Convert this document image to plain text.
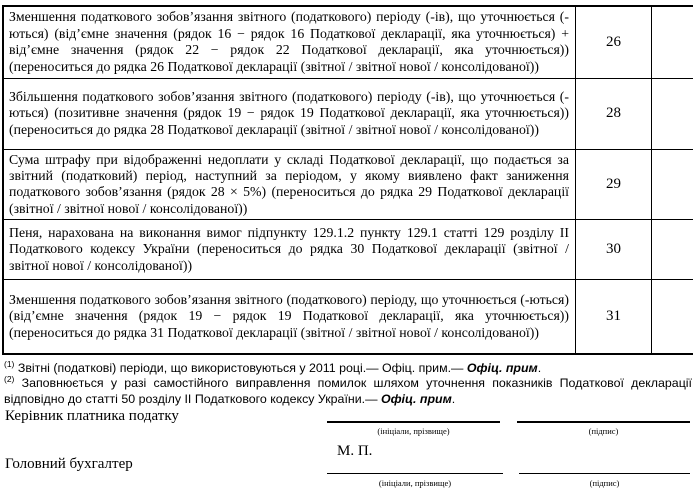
Зменшення податкового зобов’язання звітного (податкового) періоду (-ів), що уточнюється (-ються) (від’ємне значення (рядок 16 − рядок 16 Податкової декларації, яка уточнюється) + від’ємне значення (рядок 22 − рядок 22 Податкової декларації, яка уточнюється)) (переноситься до рядка 26 Податкової декларації (звітної / звітної нової / консолідованої))	26	
Збільшення податкового зобов’язання звітного (податкового) періоду (-ів), що уточнюється (-ються) (позитивне значення (рядок 19 − рядок 19 Податкової декларації, яка уточнюється)) (переноситься до рядка 28 Податкової декларації (звітної / звітної нової / консолідованої))	28	
Сума штрафу при відображенні недоплати у складі Податкової декларації, що подається за звітний (податковий) період, наступний за періодом, у якому виявлено факт заниження податкового зобов’язання (рядок 28 × 5%) (переноситься до рядка 29 Податкової декларації (звітної / звітної нової / консолідованої))	29	
Пеня, нарахована на виконання вимог підпункту 129.1.2 пункту 129.1 статті 129 розділу II Податкового кодексу України (переноситься до рядка 30 Податкової декларації (звітної / звітної нової / консолідованої))	30	
Зменшення податкового зобов’язання звітного (податкового) періоду, що уточнюється (-ються) (від’ємне значення (рядок 19 − рядок 19 Податкової декларації, яка уточнюється)) (переноситься до рядка 31 Податкової декларації (звітної / звітної нової / консолідованої))	31	

$^{(1)}$ Звітні (податкові) періоди, що використовуються у 2011 році.— Офіц. прим.— Офіц. прим.

$^{(2)}$ Заповнюється у разі самостійного виправлення помилок шляхом уточнення показників Податкової декларації відповідно до статті 50 розділу II Податкового кодексу України.— Офіц. прим.

Керівник платника податку
(ініціали, прізвище)	(підпис)
М. П.
Головний бухгалтер
(ініціали, прізвище)	(підпис)
